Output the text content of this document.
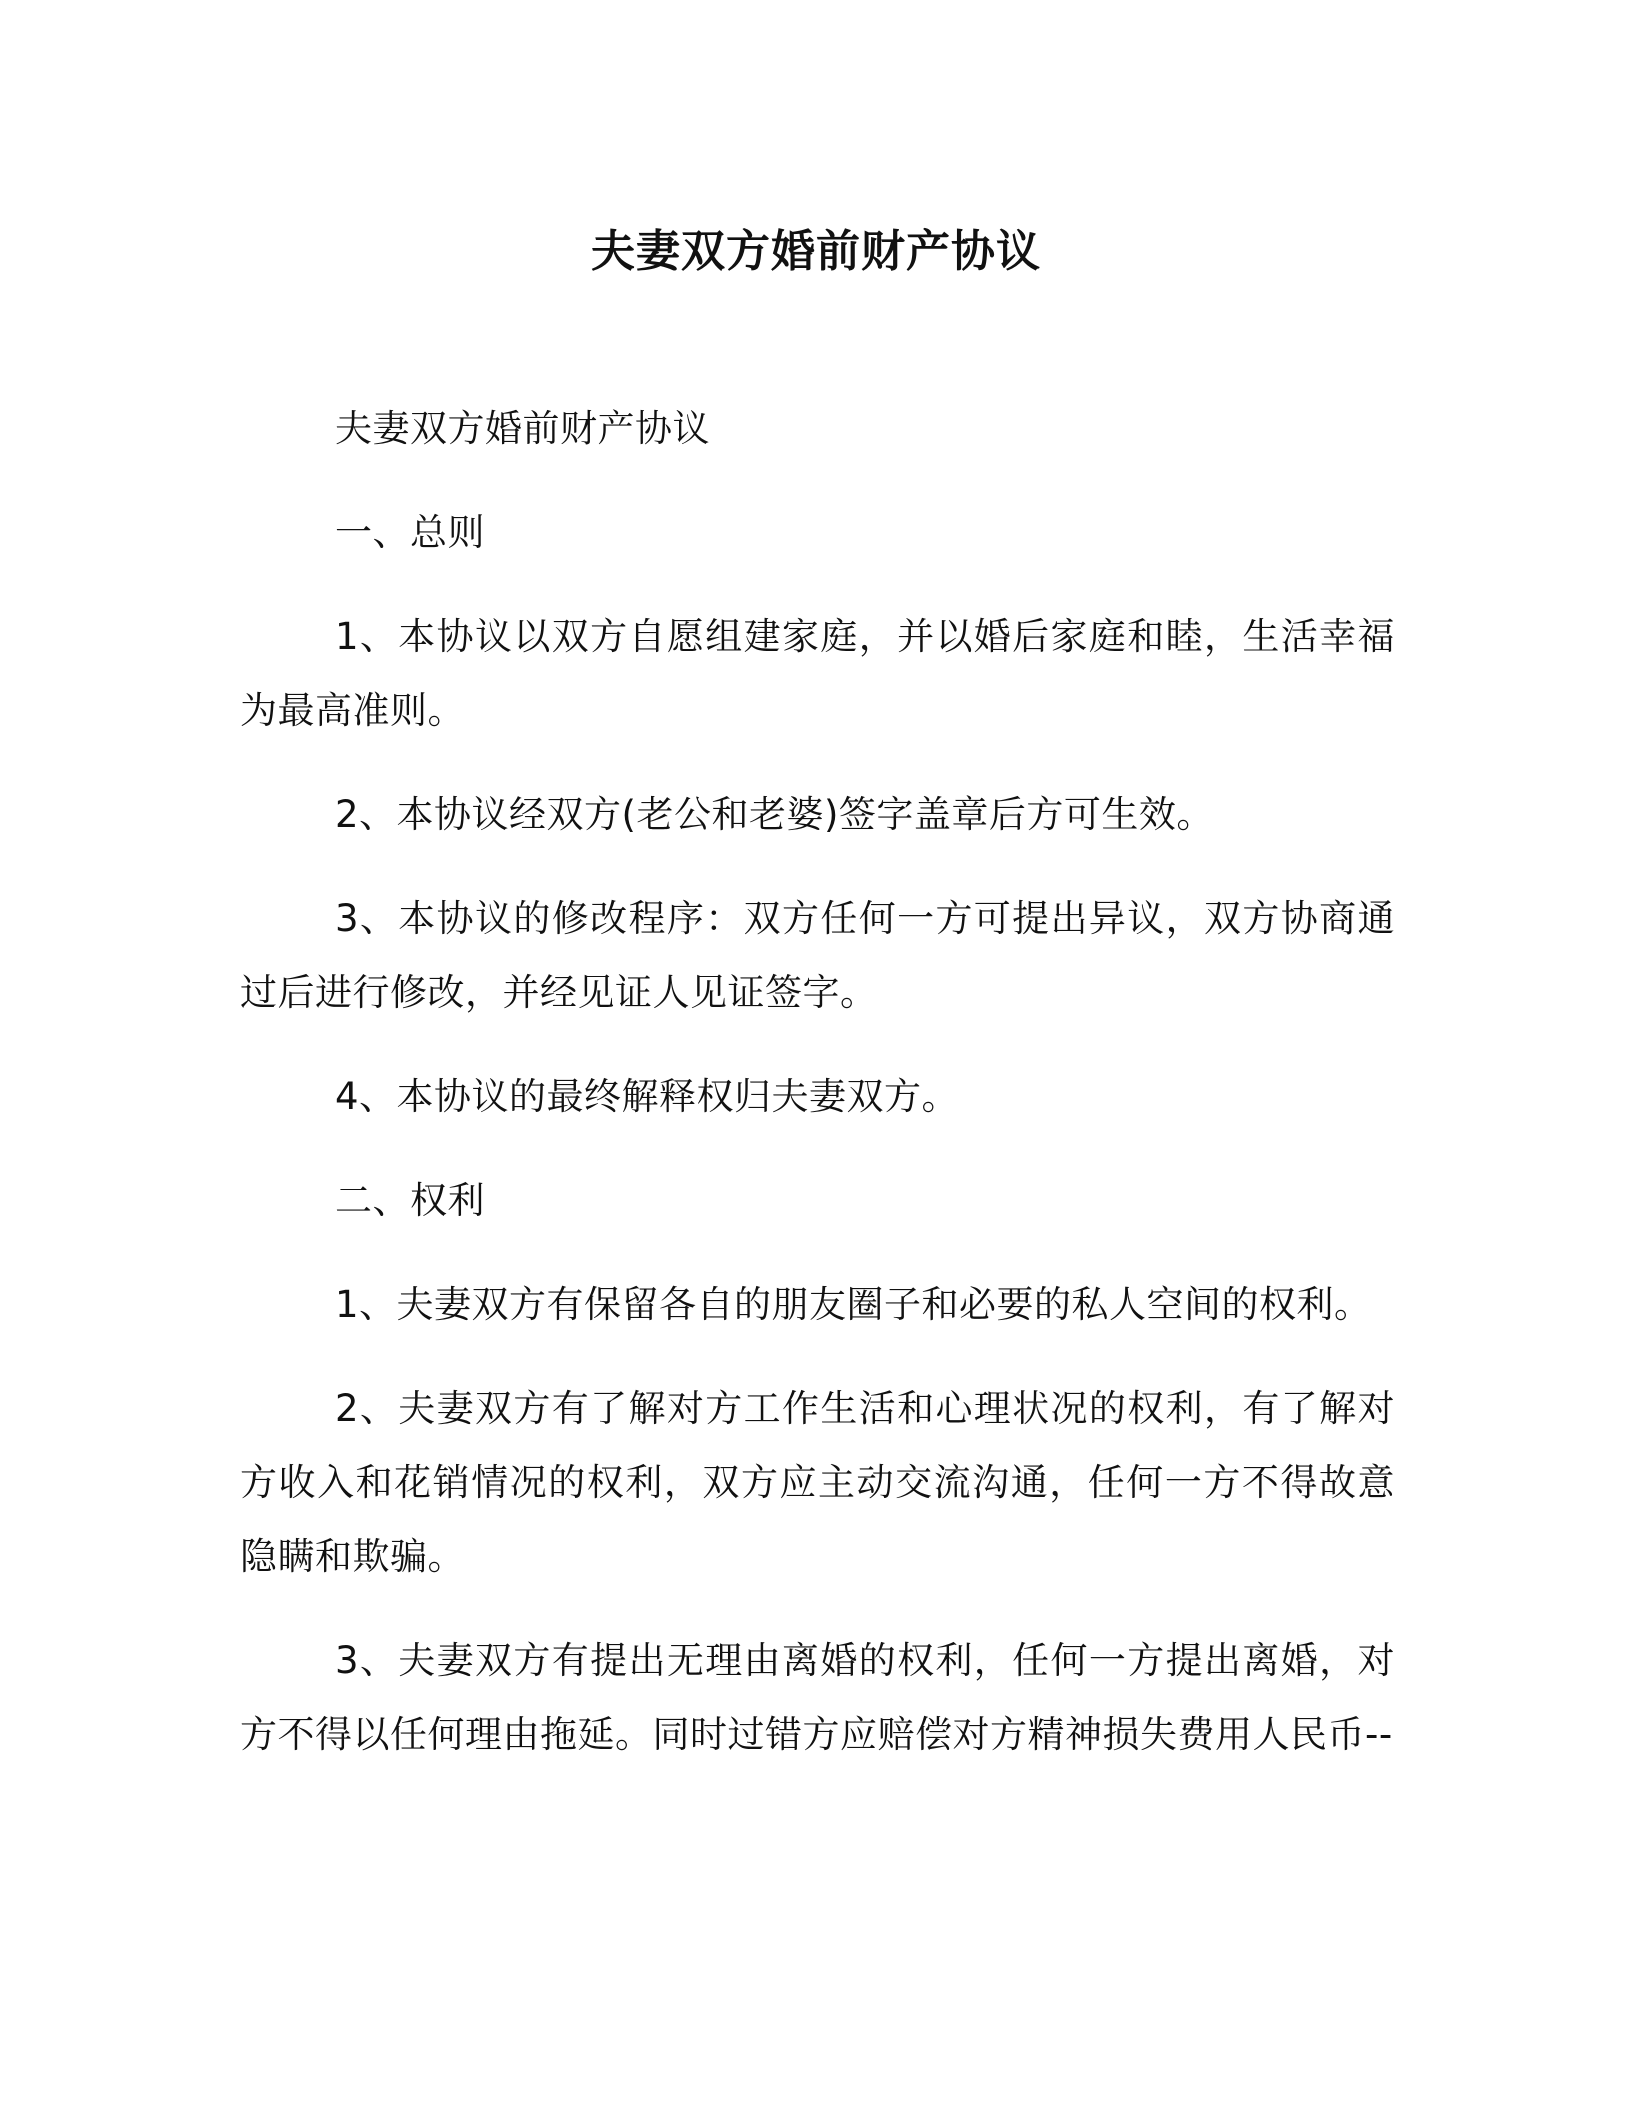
夫妻双方婚前财产协议

夫妻双方婚前财产协议

一、总则

1、本协议以双方自愿组建家庭，并以婚后家庭和睦，生活幸福为最高准则。

2、本协议经双方(老公和老婆)签字盖章后方可生效。

3、本协议的修改程序：双方任何一方可提出异议，双方协商通过后进行修改，并经见证人见证签字。

4、本协议的最终解释权归夫妻双方。

二、权利

1、夫妻双方有保留各自的朋友圈子和必要的私人空间的权利。

2、夫妻双方有了解对方工作生活和心理状况的权利，有了解对方收入和花销情况的权利，双方应主动交流沟通，任何一方不得故意隐瞒和欺骗。

3、夫妻双方有提出无理由离婚的权利，任何一方提出离婚，对方不得以任何理由拖延。同时过错方应赔偿对方精神损失费用人民币--
